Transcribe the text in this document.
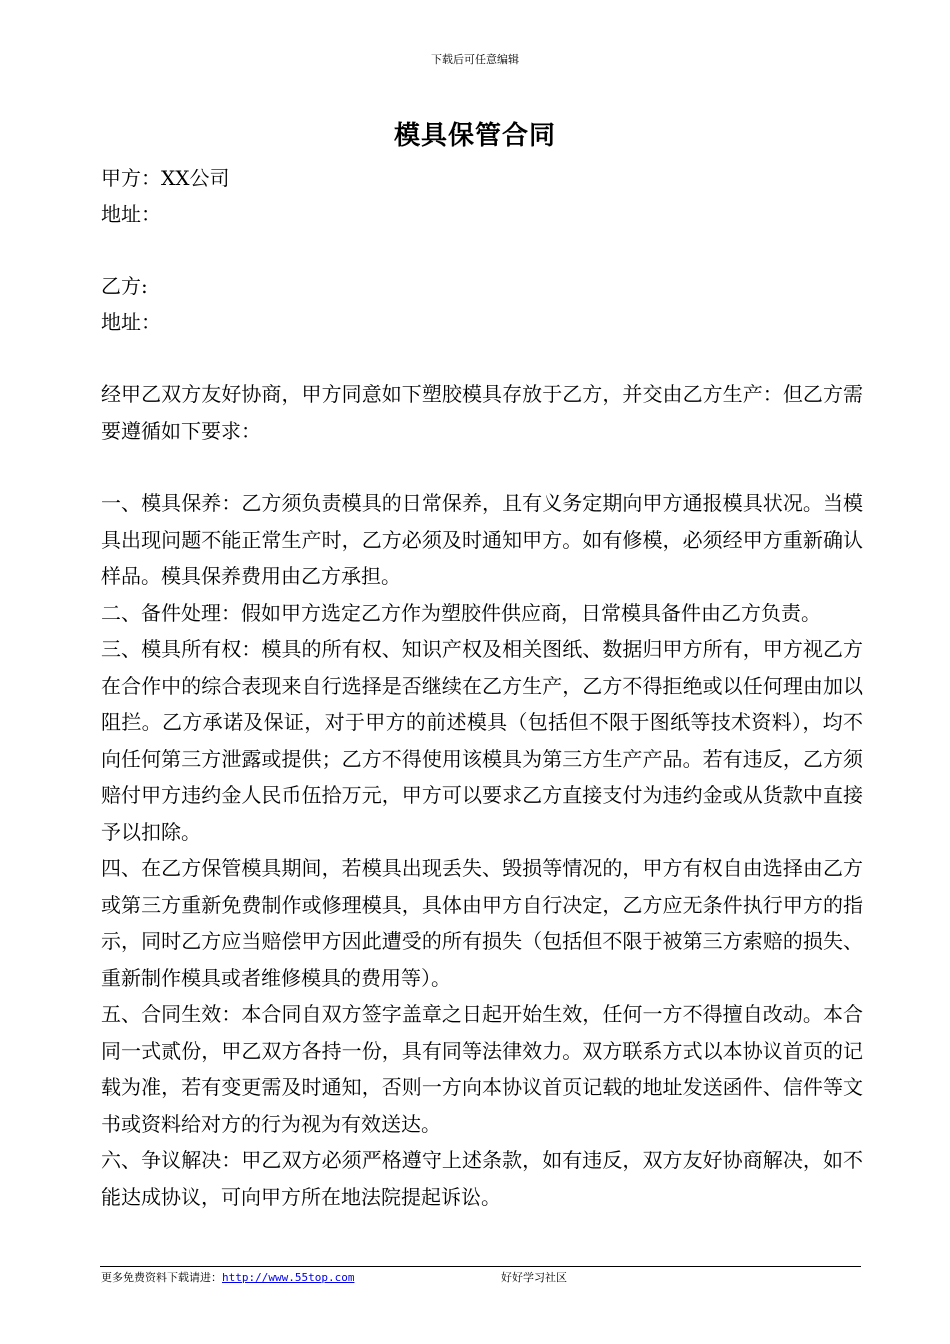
下载后可任意编辑
模具保管合同
甲方：XX公司
地址：
乙方:
地址：

经甲乙双方友好协商，甲方同意如下塑胶模具存放于乙方，并交由乙方生产：但乙方需要遵循如下要求：

一、模具保养：乙方须负责模具的日常保养，且有义务定期向甲方通报模具状况。当模具出现问题不能正常生产时，乙方必须及时通知甲方。如有修模，必须经甲方重新确认样品。模具保养费用由乙方承担。

二、备件处理：假如甲方选定乙方作为塑胶件供应商，日常模具备件由乙方负责。

三、模具所有权：模具的所有权、知识产权及相关图纸、数据归甲方所有，甲方视乙方在合作中的综合表现来自行选择是否继续在乙方生产，乙方不得拒绝或以任何理由加以阻拦。乙方承诺及保证，对于甲方的前述模具（包括但不限于图纸等技术资料），均不向任何第三方泄露或提供；乙方不得使用该模具为第三方生产产品。若有违反，乙方须赔付甲方违约金人民币伍拾万元，甲方可以要求乙方直接支付为违约金或从货款中直接予以扣除。

四、在乙方保管模具期间，若模具出现丢失、毁损等情况的，甲方有权自由选择由乙方或第三方重新免费制作或修理模具，具体由甲方自行决定，乙方应无条件执行甲方的指示，同时乙方应当赔偿甲方因此遭受的所有损失（包括但不限于被第三方索赔的损失、重新制作模具或者维修模具的费用等）。

五、合同生效：本合同自双方签字盖章之日起开始生效，任何一方不得擅自改动。本合同一式贰份，甲乙双方各持一份，具有同等法律效力。双方联系方式以本协议首页的记载为准，若有变更需及时通知，否则一方向本协议首页记载的地址发送函件、信件等文书或资料给对方的行为视为有效送达。

六、争议解决：甲乙双方必须严格遵守上述条款，如有违反，双方友好协商解决，如不能达成协议，可向甲方所在地法院提起诉讼。

更多免费资料下载请进：http://www.55top.com	好好学习社区
